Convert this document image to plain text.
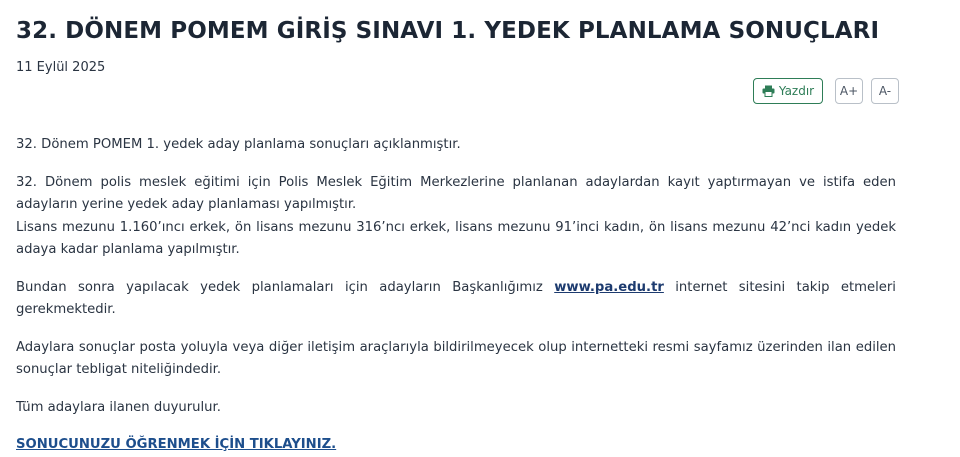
32. DÖNEM POMEM GİRİŞ SINAVI 1. YEDEK PLANLAMA SONUÇLARI
11 Eylül 2025
Yazdır	A+	A-

32. Dönem POMEM 1. yedek aday planlama sonuçları açıklanmıştır.

32. Dönem polis meslek eğitimi için Polis Meslek Eğitim Merkezlerine planlanan adaylardan kayıt yaptırmayan ve istifa eden adayların yerine yedek aday planlaması yapılmıştır.
Lisans mezunu 1.160’ıncı erkek, ön lisans mezunu 316’ncı erkek, lisans mezunu 91’inci kadın, ön lisans mezunu 42’nci kadın yedek adaya kadar planlama yapılmıştır.

Bundan sonra yapılacak yedek planlamaları için adayların Başkanlığımız www.pa.edu.tr internet sitesini takip etmeleri gerekmektedir.

Adaylara sonuçlar posta yoluyla veya diğer iletişim araçlarıyla bildirilmeyecek olup internetteki resmi sayfamız üzerinden ilan edilen sonuçlar tebligat niteliğindedir.

Tüm adaylara ilanen duyurulur.

SONUCUNUZU ÖĞRENMEK İÇİN TIKLAYINIZ.
